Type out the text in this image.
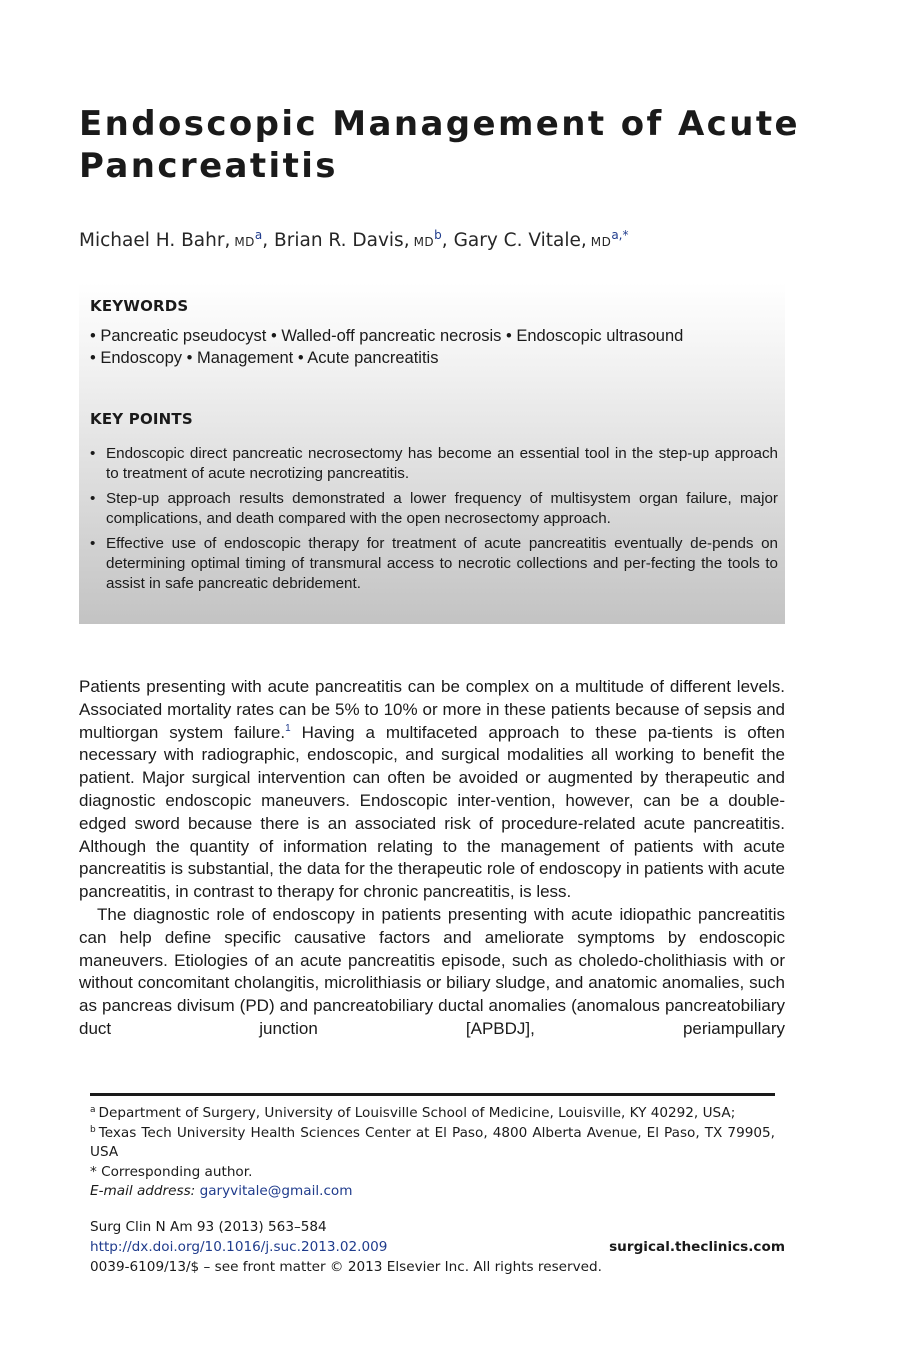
Endoscopic Management of Acute
Pancreatitis
Michael H. Bahr, $MD^a$, Brian R. Davis, $MD^b$, Gary C. Vitale, $MD^{a,*}$
KEYWORDS
• Pancreatic pseudocyst • Walled-off pancreatic necrosis • Endoscopic ultrasound
• Endoscopy • Management • Acute pancreatitis
KEY POINTS
• Endoscopic direct pancreatic necrosectomy has become an essential tool in the step-up approach to treatment of acute necrotizing pancreatitis.
• Step-up approach results demonstrated a lower frequency of multisystem organ failure, major complications, and death compared with the open necrosectomy approach.
• Effective use of endoscopic therapy for treatment of acute pancreatitis eventually de-pends on determining optimal timing of transmural access to necrotic collections and per-fecting the tools to assist in safe pancreatic debridement.

Patients presenting with acute pancreatitis can be complex on a multitude of different levels. Associated mortality rates can be 5% to 10% or more in these patients because of sepsis and multiorgan system failure.$^1$ Having a multifaceted approach to these pa-tients is often necessary with radiographic, endoscopic, and surgical modalities all working to benefit the patient. Major surgical intervention can often be avoided or augmented by therapeutic and diagnostic endoscopic maneuvers. Endoscopic inter-vention, however, can be a double-edged sword because there is an associated risk of procedure-related acute pancreatitis. Although the quantity of information relating to the management of patients with acute pancreatitis is substantial, the data for the therapeutic role of endoscopy in patients with acute pancreatitis, in contrast to therapy for chronic pancreatitis, is less.

The diagnostic role of endoscopy in patients presenting with acute idiopathic pancreatitis can help define specific causative factors and ameliorate symptoms by endoscopic maneuvers. Etiologies of an acute pancreatitis episode, such as choledo-cholithiasis with or without concomitant cholangitis, microlithiasis or biliary sludge, and anatomic anomalies, such as pancreas divisum (PD) and pancreatobiliary ductal anomalies (anomalous pancreatobiliary duct junction [APBDJ], periampullary

$^a$ Department of Surgery, University of Louisville School of Medicine, Louisville, KY 40292, USA;
$^b$ Texas Tech University Health Sciences Center at El Paso, 4800 Alberta Avenue, El Paso, TX 79905, USA
* Corresponding author.
E-mail address: garyvitale@gmail.com
Surg Clin N Am 93 (2013) 563–584
http://dx.doi.org/10.1016/j.suc.2013.02.009	surgical.theclinics.com
0039-6109/13/$ – see front matter © 2013 Elsevier Inc. All rights reserved.
